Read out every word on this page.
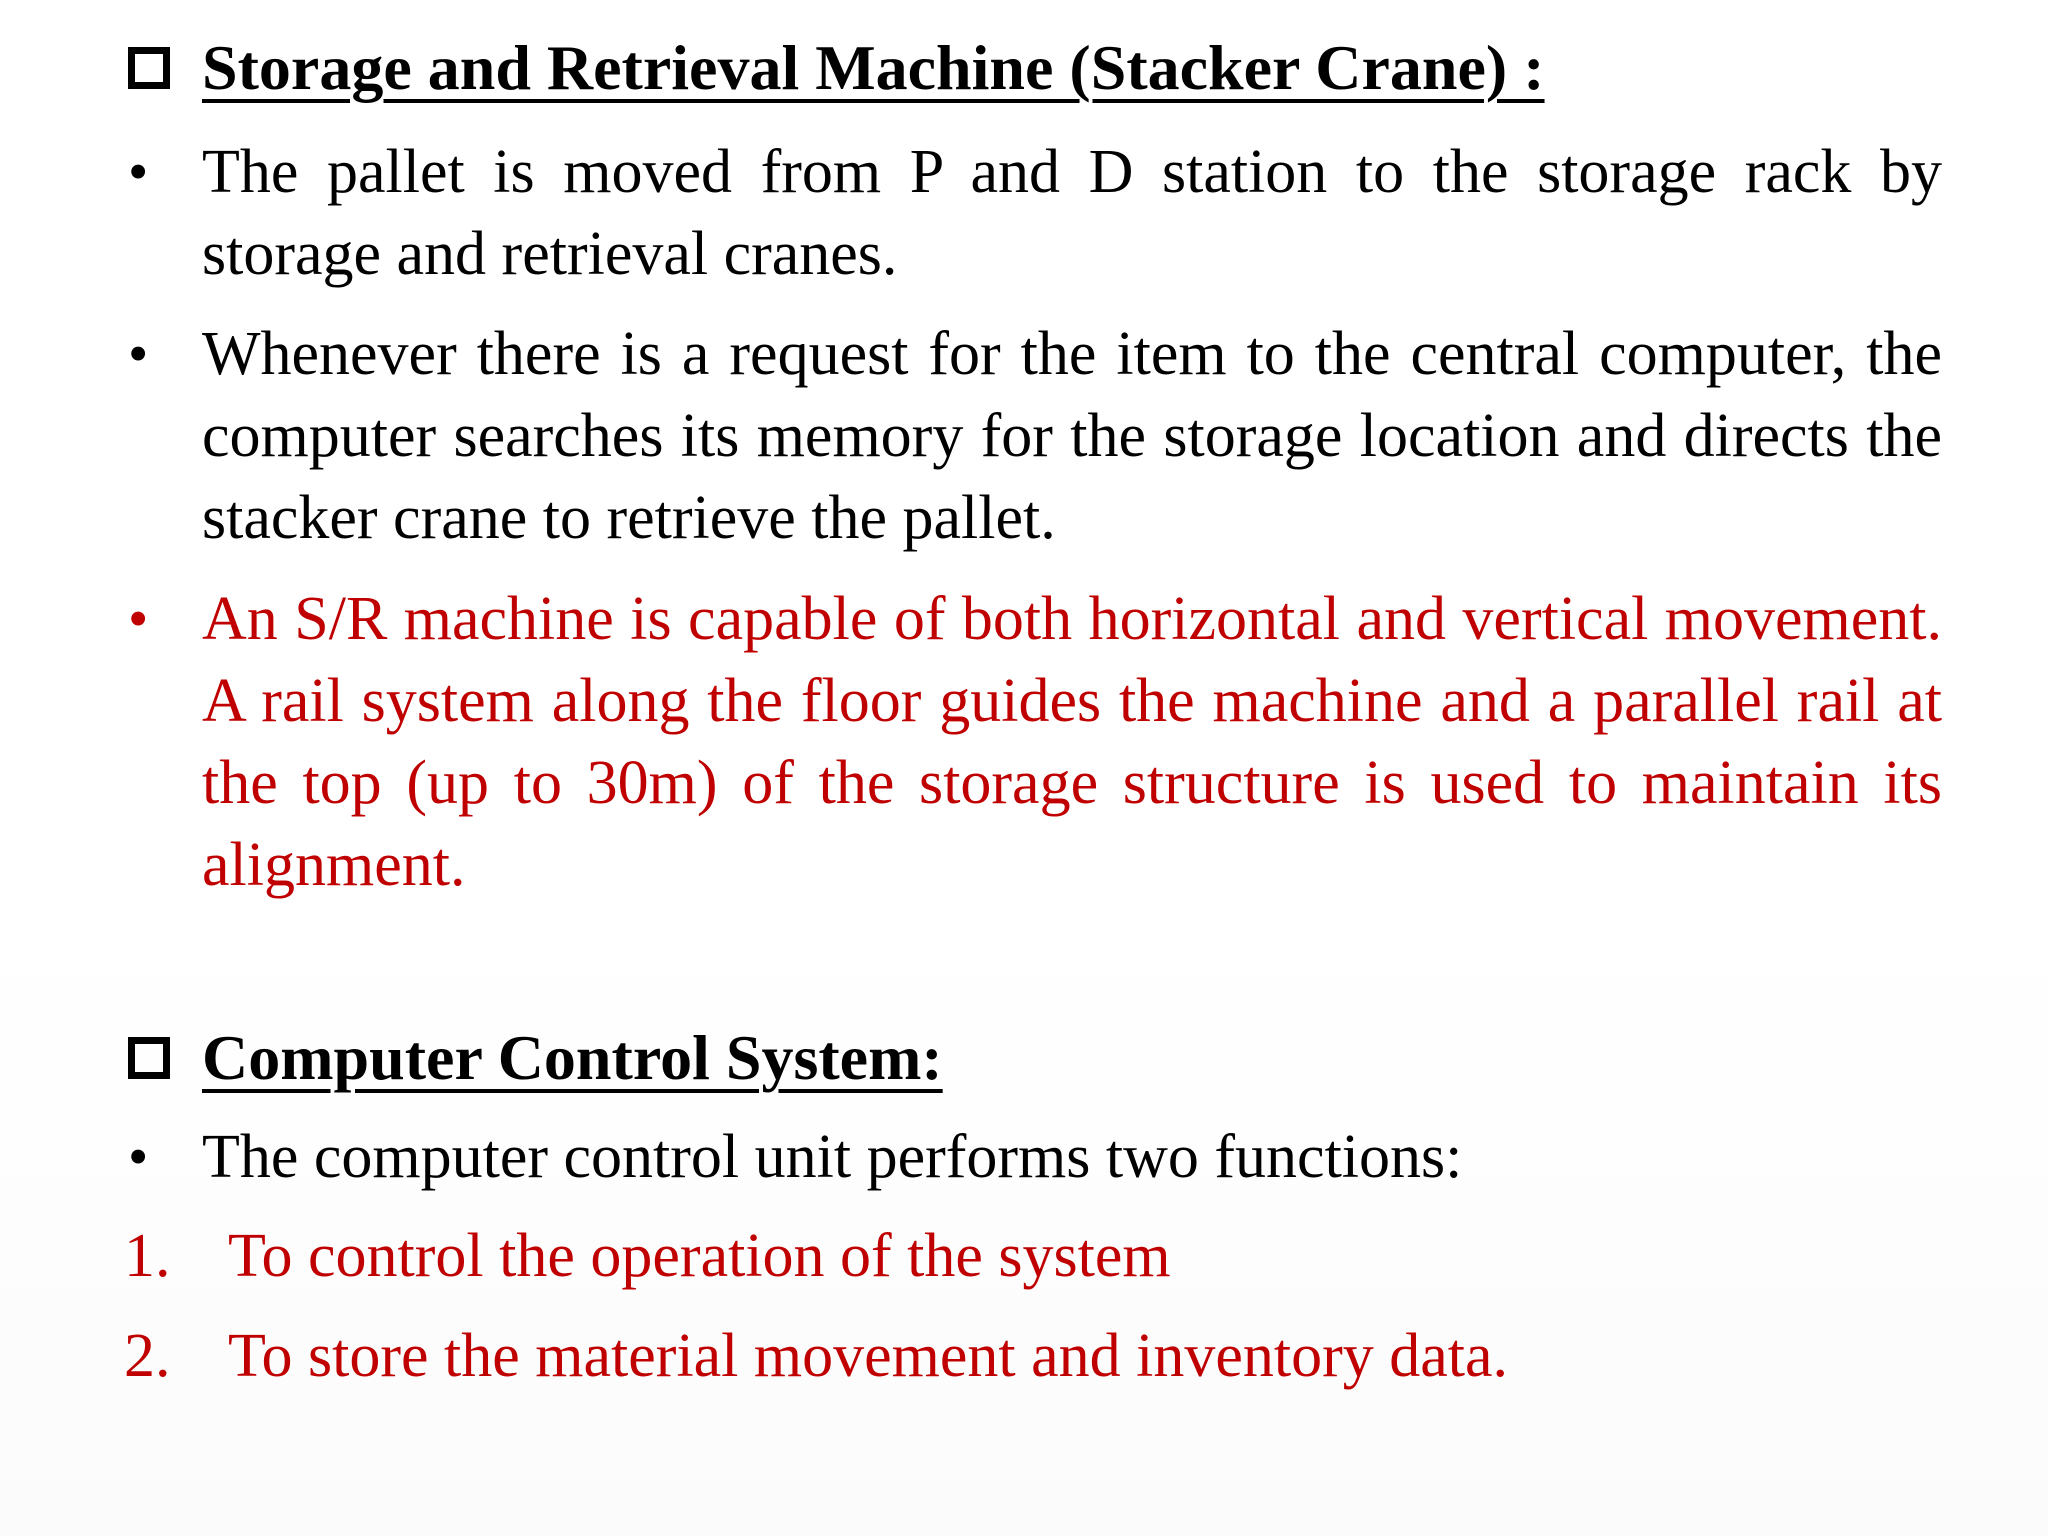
Storage and Retrieval Machine (Stacker Crane) :
• The pallet is moved from P and D station to the storage rack by storage and retrieval cranes.
• Whenever there is a request for the item to the central computer, the computer searches its memory for the storage location and directs the stacker crane to retrieve the pallet.
• An S/R machine is capable of both horizontal and vertical movement. A rail system along the floor guides the machine and a parallel rail at the top (up to 30m) of the storage structure is used to maintain its alignment.
Computer Control System:
• The computer control unit performs two functions:
1. To control the operation of the system
2. To store the material movement and inventory data.
